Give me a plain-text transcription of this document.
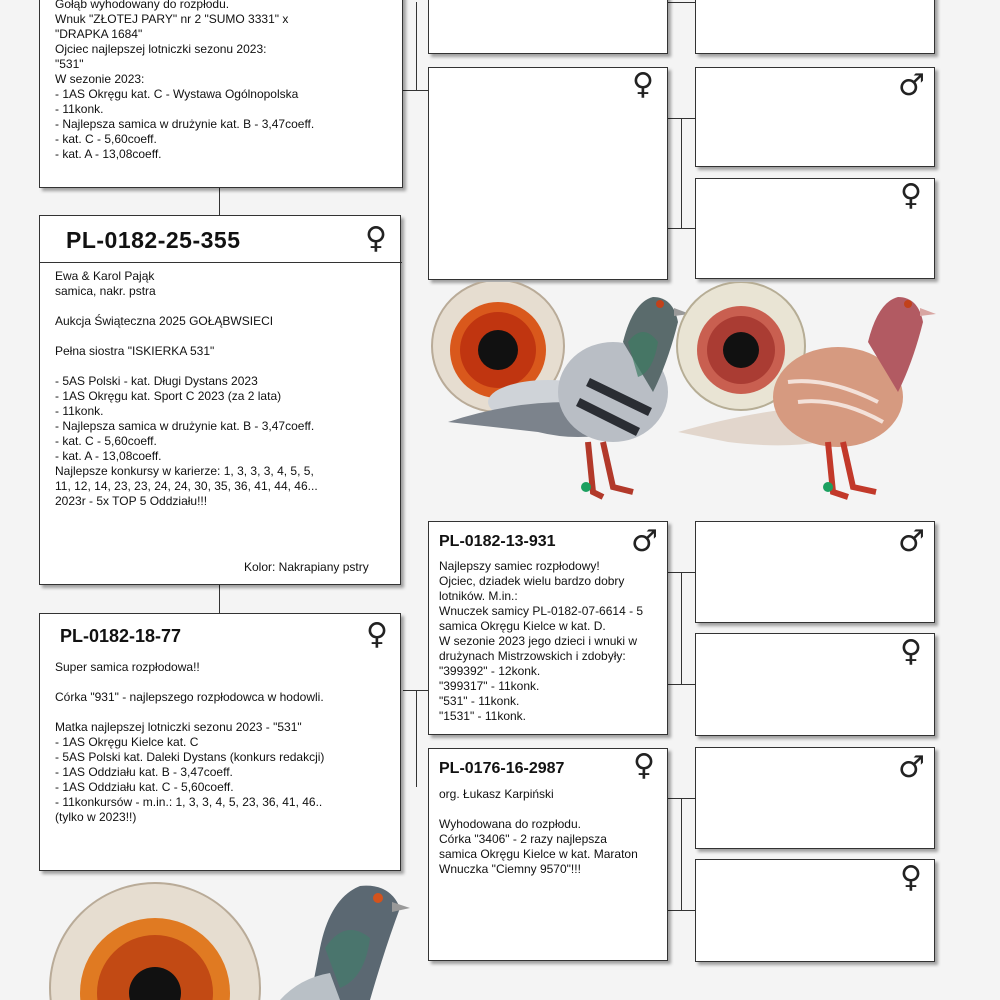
Gołąb wyhodowany do rozpłodu.
Wnuk "ZŁOTEJ PARY" nr 2 "SUMO 3331" x
"DRAPKA 1684"
Ojciec najlepszej lotniczki sezonu 2023:
"531"
W sezonie 2023:
- 1AS Okręgu kat. C - Wystawa Ogólnopolska
- 11konk.
- Najlepsza samica w drużynie kat. B - 3,47coeff.
- kat. C - 5,60coeff.
- kat. A - 13,08coeff.
PL-0182-25-355	♀
Ewa & Karol Pająk
samica, nakr. pstra

Aukcja Świąteczna 2025 GOŁĄBWSIECI

Pełna siostra "ISKIERKA 531"

- 5AS Polski - kat. Długi Dystans 2023
- 1AS Okręgu kat. Sport C 2023 (za 2 lata)
- 11konk.
- Najlepsza samica w drużynie kat. B - 3,47coeff.
- kat. C - 5,60coeff.
- kat. A - 13,08coeff.
Najlepsze konkursy w karierze: 1, 3, 3, 3, 4, 5, 5,
11, 12, 14, 23, 23, 24, 24, 30, 35, 36, 41, 44, 46...
2023r - 5x TOP 5 Oddziału!!!
Kolor: Nakrapiany pstry
PL-0182-18-77	♀
Super samica rozpłodowa!!

Córka "931" - najlepszego rozpłodowca w hodowli.

Matka najlepszej lotniczki sezonu 2023 - "531"
- 1AS Okręgu Kielce kat. C
- 5AS Polski kat. Daleki Dystans (konkurs redakcji)
- 1AS Oddziału kat. B - 3,47coeff.
- 1AS Oddziału kat. C - 5,60coeff.
- 11konkursów - m.in.: 1, 3, 3, 4, 5, 23, 36, 41, 46..
(tylko w 2023!!)
♀
PL-0182-13-931	♂
Najlepszy samiec rozpłodowy!
Ojciec, dziadek wielu bardzo dobry
lotników. M.in.:
Wnuczek samicy PL-0182-07-6614 - 5
samica Okręgu Kielce w kat. D.
W sezonie 2023 jego dzieci i wnuki w
drużynach Mistrzowskich i zdobyły:
"399392" - 12konk.
"399317" - 11konk.
"531" - 11konk.
"1531" - 11konk.
PL-0176-16-2987 ♀
org. Łukasz Karpiński

Wyhodowana do rozpłodu.
Córka "3406" - 2 razy najlepsza
samica Okręgu Kielce w kat. Maraton
Wnuczka "Ciemny 9570"!!!
♂
♀
♂
♀
♂
♀
